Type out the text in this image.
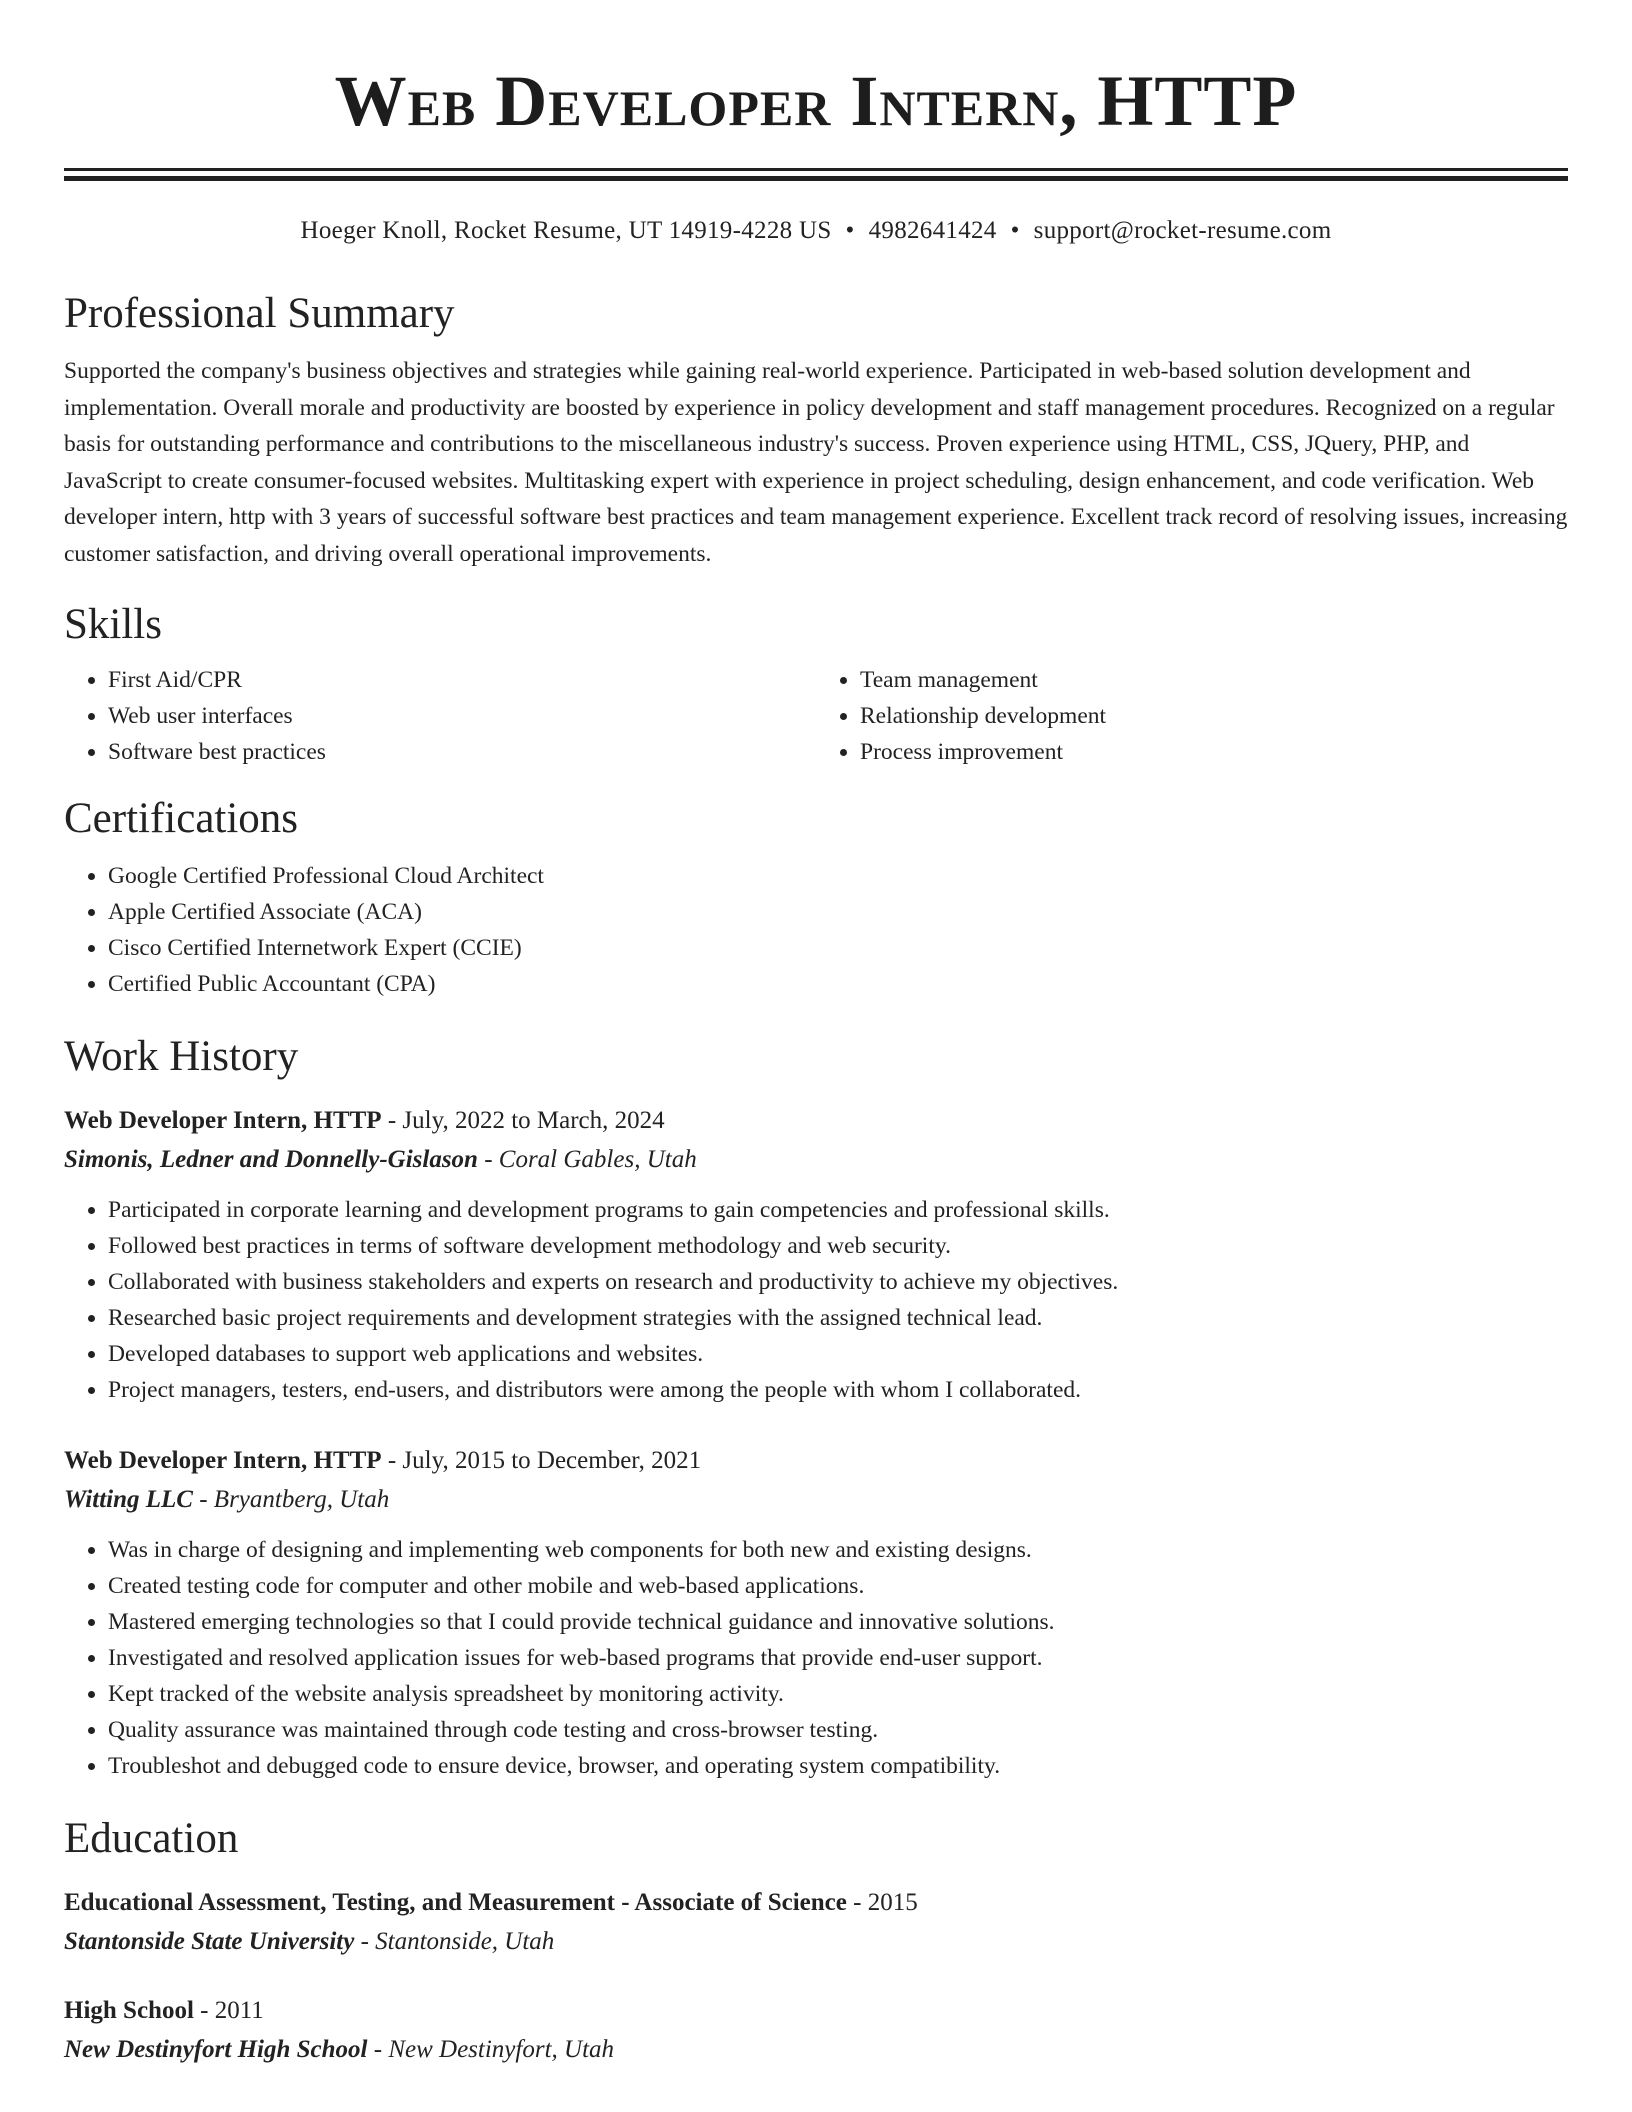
Web Developer Intern, HTTP
Hoeger Knoll, Rocket Resume, UT 14919-4228 US • 4982641424 • support@rocket-resume.com
Professional Summary

Supported the company's business objectives and strategies while gaining real-world experience. Participated in web-based solution development and implementation. Overall morale and productivity are boosted by experience in policy development and staff management procedures. Recognized on a regular basis for outstanding performance and contributions to the miscellaneous industry's success. Proven experience using HTML, CSS, JQuery, PHP, and JavaScript to create consumer-focused websites. Multitasking expert with experience in project scheduling, design enhancement, and code verification. Web developer intern, http with 3 years of successful software best practices and team management experience. Excellent track record of resolving issues, increasing customer satisfaction, and driving overall operational improvements.

Skills
• First Aid/CPR
• Web user interfaces
• Software best practices
• Team management
• Relationship development
• Process improvement
Certifications
• Google Certified Professional Cloud Architect
• Apple Certified Associate (ACA)
• Cisco Certified Internetwork Expert (CCIE)
• Certified Public Accountant (CPA)
Work History
Web Developer Intern, HTTP - July, 2022 to March, 2024
Simonis, Ledner and Donnelly-Gislason - Coral Gables, Utah
• Participated in corporate learning and development programs to gain competencies and professional skills.
• Followed best practices in terms of software development methodology and web security.
• Collaborated with business stakeholders and experts on research and productivity to achieve my objectives.
• Researched basic project requirements and development strategies with the assigned technical lead.
• Developed databases to support web applications and websites.
• Project managers, testers, end-users, and distributors were among the people with whom I collaborated.
Web Developer Intern, HTTP - July, 2015 to December, 2021
Witting LLC - Bryantberg, Utah
• Was in charge of designing and implementing web components for both new and existing designs.
• Created testing code for computer and other mobile and web-based applications.
• Mastered emerging technologies so that I could provide technical guidance and innovative solutions.
• Investigated and resolved application issues for web-based programs that provide end-user support.
• Kept tracked of the website analysis spreadsheet by monitoring activity.
• Quality assurance was maintained through code testing and cross-browser testing.
• Troubleshot and debugged code to ensure device, browser, and operating system compatibility.
Education
Educational Assessment, Testing, and Measurement - Associate of Science - 2015
Stantonside State University - Stantonside, Utah
High School - 2011
New Destinyfort High School - New Destinyfort, Utah
